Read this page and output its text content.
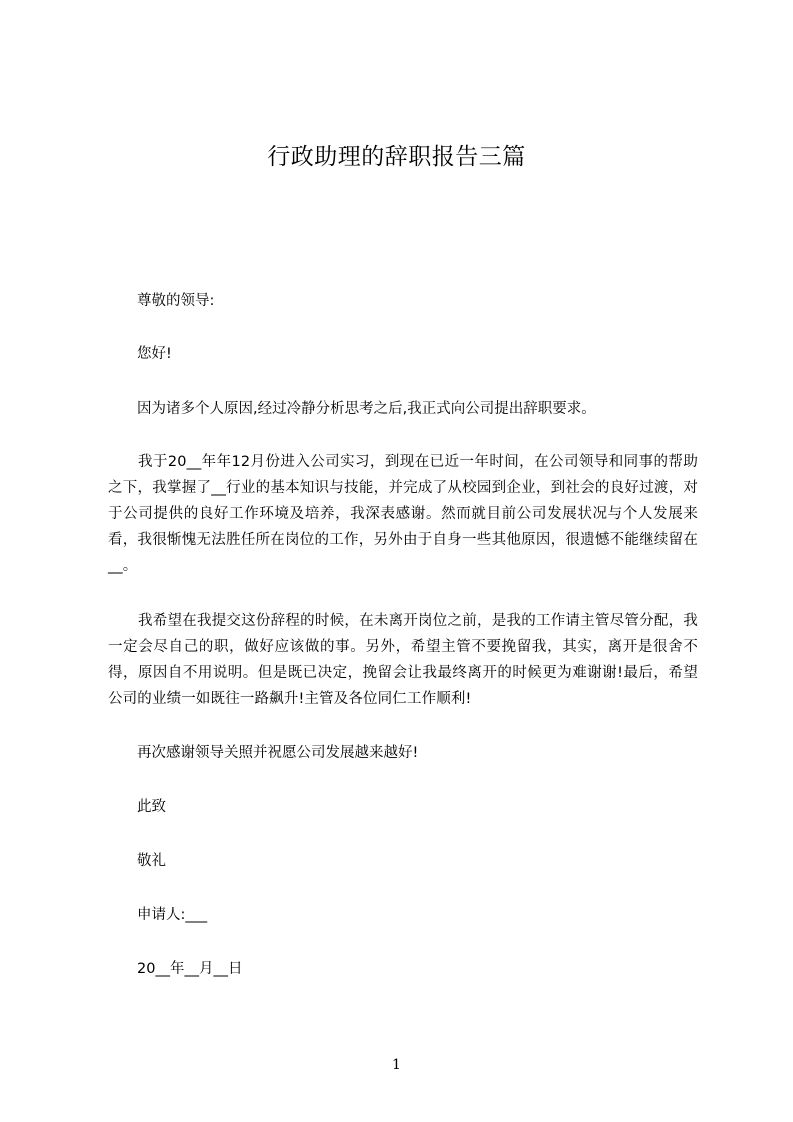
行政助理的辞职报告三篇

尊敬的领导:

您好!

因为诸多个人原因,经过冷静分析思考之后,我正式向公司提出辞职要求。

我于20__年年12月份进入公司实习，到现在已近一年时间，在公司领导和同事的帮助之下，我掌握了__行业的基本知识与技能，并完成了从校园到企业，到社会的良好过渡，对于公司提供的良好工作环境及培养，我深表感谢。然而就目前公司发展状况与个人发展来看，我很惭愧无法胜任所在岗位的工作，另外由于自身一些其他原因，很遗憾不能继续留在__。

我希望在我提交这份辞程的时候，在未离开岗位之前，是我的工作请主管尽管分配，我一定会尽自己的职，做好应该做的事。另外，希望主管不要挽留我，其实，离开是很舍不得，原因自不用说明。但是既已决定，挽留会让我最终离开的时候更为难谢谢!最后，希望公司的业绩一如既往一路飙升!主管及各位同仁工作顺利!

再次感谢领导关照并祝愿公司发展越来越好!

此致

敬礼

申请人:___

20__年__月__日

1
